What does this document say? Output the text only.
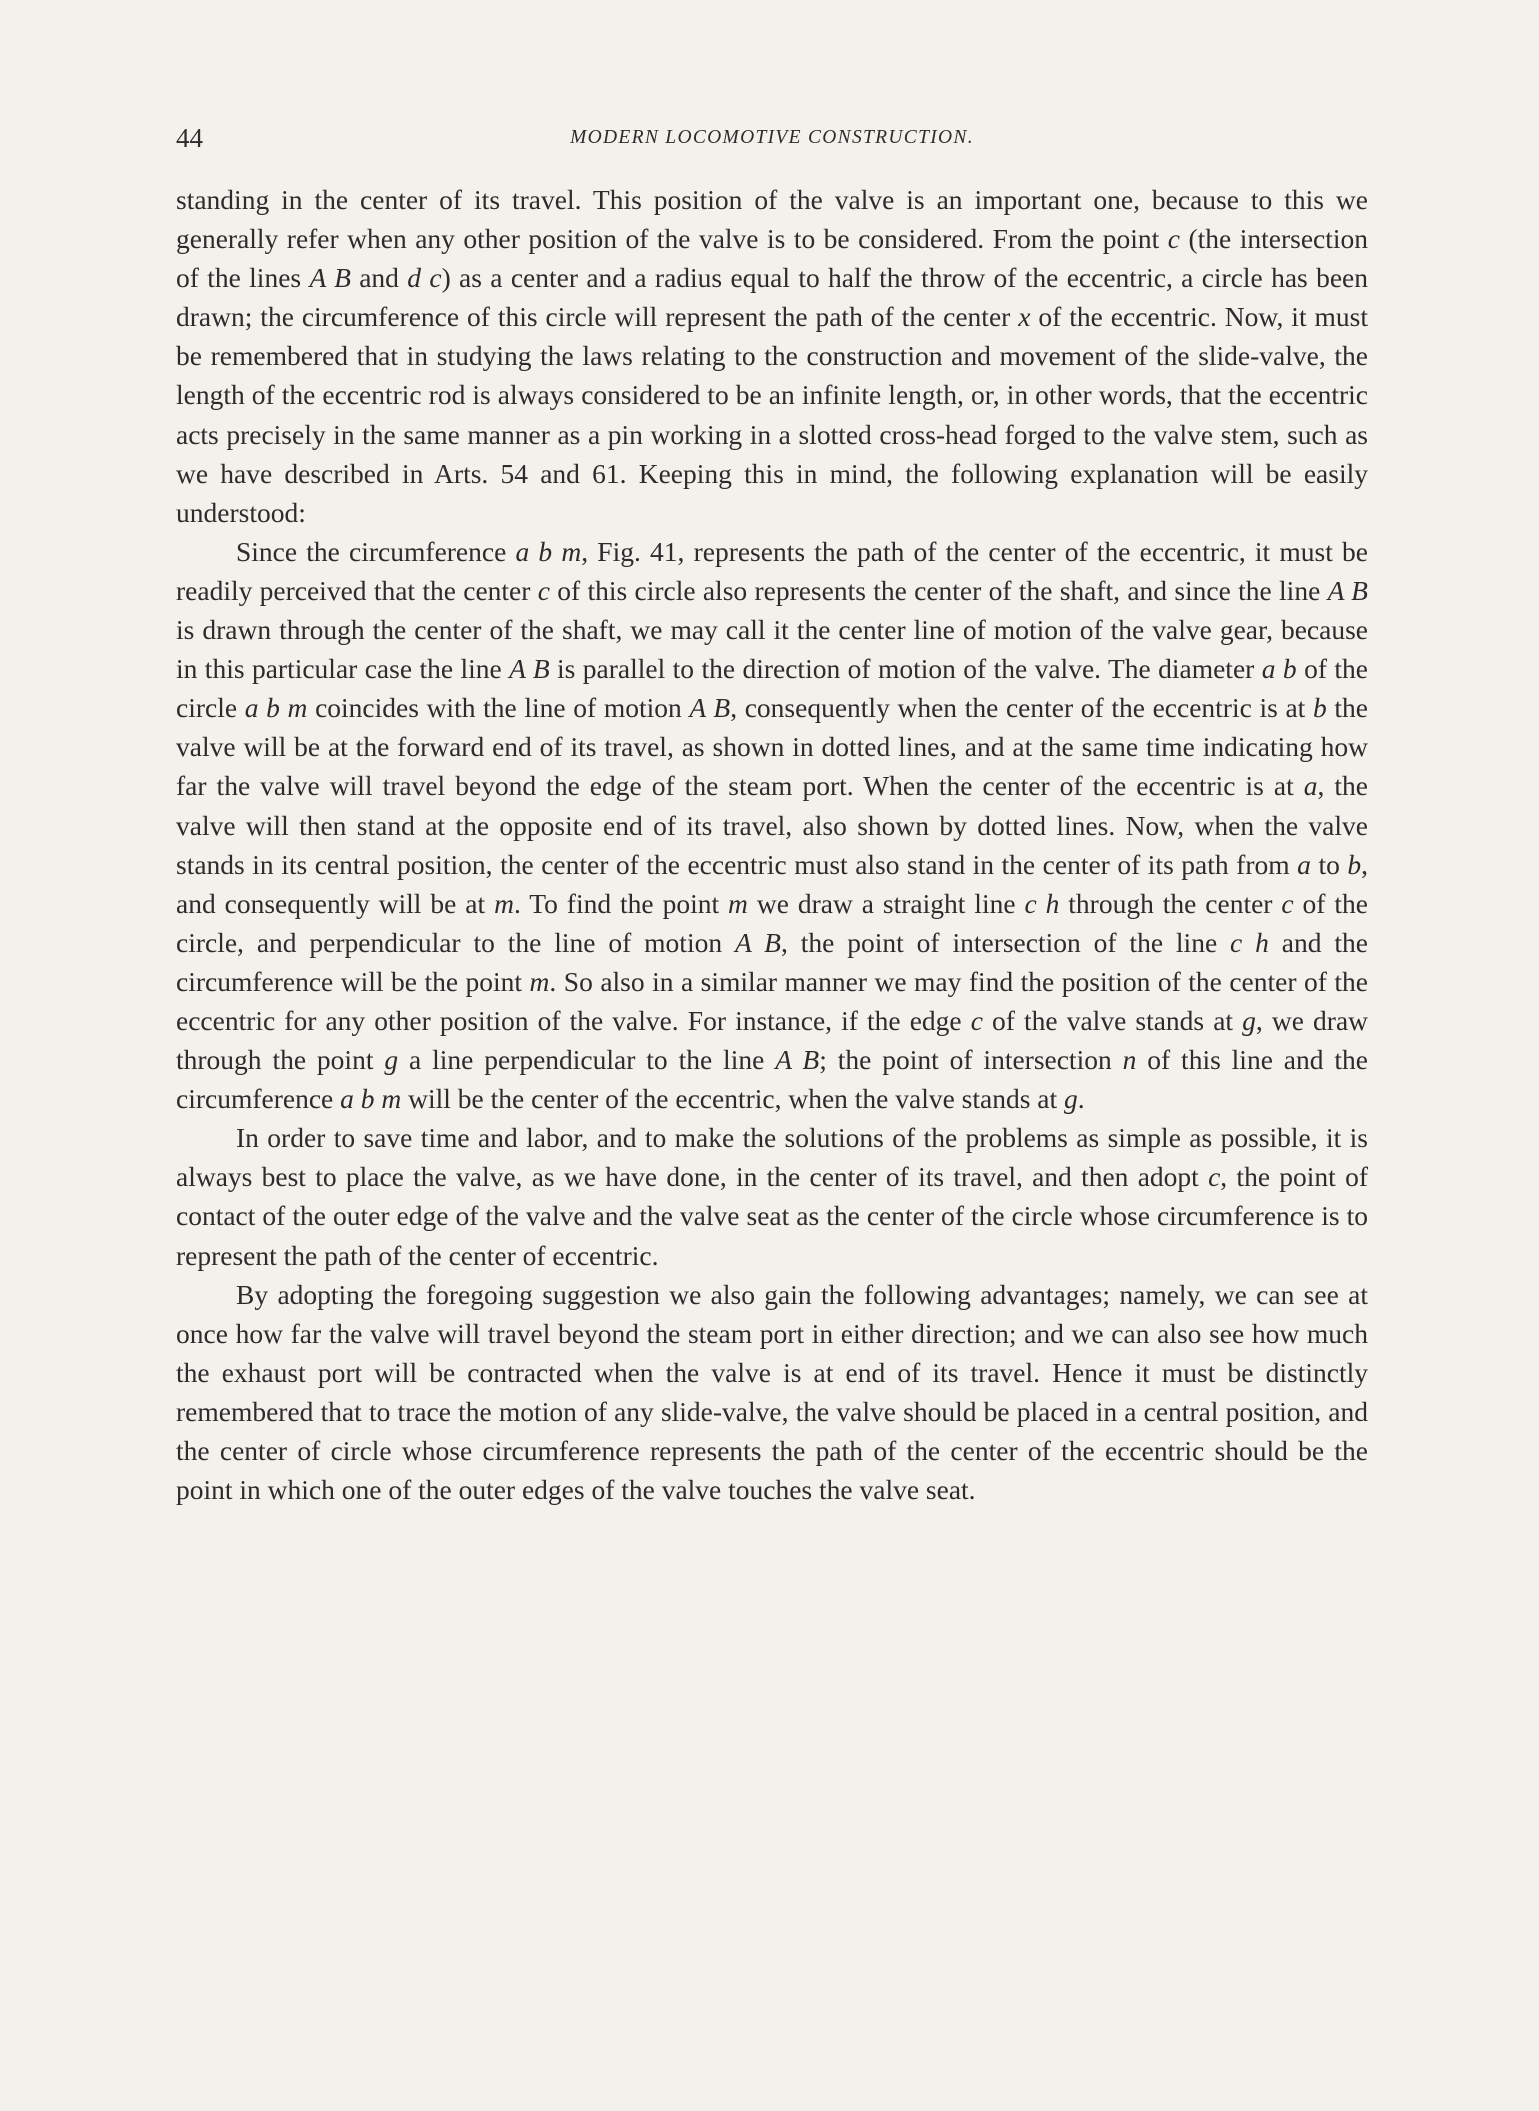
44	MODERN LOCOMOTIVE CONSTRUCTION.

standing in the center of its travel. This position of the valve is an important one, because to this we generally refer when any other position of the valve is to be considered. From the point c (the intersection of the lines A B and d c) as a center and a radius equal to half the throw of the eccentric, a circle has been drawn; the circumference of this circle will represent the path of the center x of the eccentric. Now, it must be remembered that in studying the laws relating to the construction and movement of the slide-valve, the length of the eccentric rod is always considered to be an infinite length, or, in other words, that the eccentric acts precisely in the same manner as a pin working in a slotted cross-head forged to the valve stem, such as we have described in Arts. 54 and 61. Keeping this in mind, the following explanation will be easily understood:

Since the circumference a b m, Fig. 41, represents the path of the center of the eccentric, it must be readily perceived that the center c of this circle also represents the center of the shaft, and since the line A B is drawn through the center of the shaft, we may call it the center line of motion of the valve gear, because in this particular case the line A B is parallel to the direction of motion of the valve. The diameter a b of the circle a b m coincides with the line of motion A B, consequently when the center of the eccentric is at b the valve will be at the forward end of its travel, as shown in dotted lines, and at the same time indicating how far the valve will travel beyond the edge of the steam port. When the center of the eccentric is at a, the valve will then stand at the opposite end of its travel, also shown by dotted lines. Now, when the valve stands in its central position, the center of the eccentric must also stand in the center of its path from a to b, and consequently will be at m. To find the point m we draw a straight line c h through the center c of the circle, and perpendicular to the line of motion A B, the point of intersection of the line c h and the circumference will be the point m. So also in a similar manner we may find the position of the center of the eccentric for any other position of the valve. For instance, if the edge c of the valve stands at g, we draw through the point g a line perpendicular to the line A B; the point of intersection n of this line and the circumference a b m will be the center of the eccentric, when the valve stands at g.

In order to save time and labor, and to make the solutions of the problems as simple as possible, it is always best to place the valve, as we have done, in the center of its travel, and then adopt c, the point of contact of the outer edge of the valve and the valve seat as the center of the circle whose circumference is to represent the path of the center of eccentric.

By adopting the foregoing suggestion we also gain the following advantages; namely, we can see at once how far the valve will travel beyond the steam port in either direction; and we can also see how much the exhaust port will be contracted when the valve is at end of its travel. Hence it must be distinctly remembered that to trace the motion of any slide-valve, the valve should be placed in a central position, and the center of circle whose circumference represents the path of the center of the eccentric should be the point in which one of the outer edges of the valve touches the valve seat.
